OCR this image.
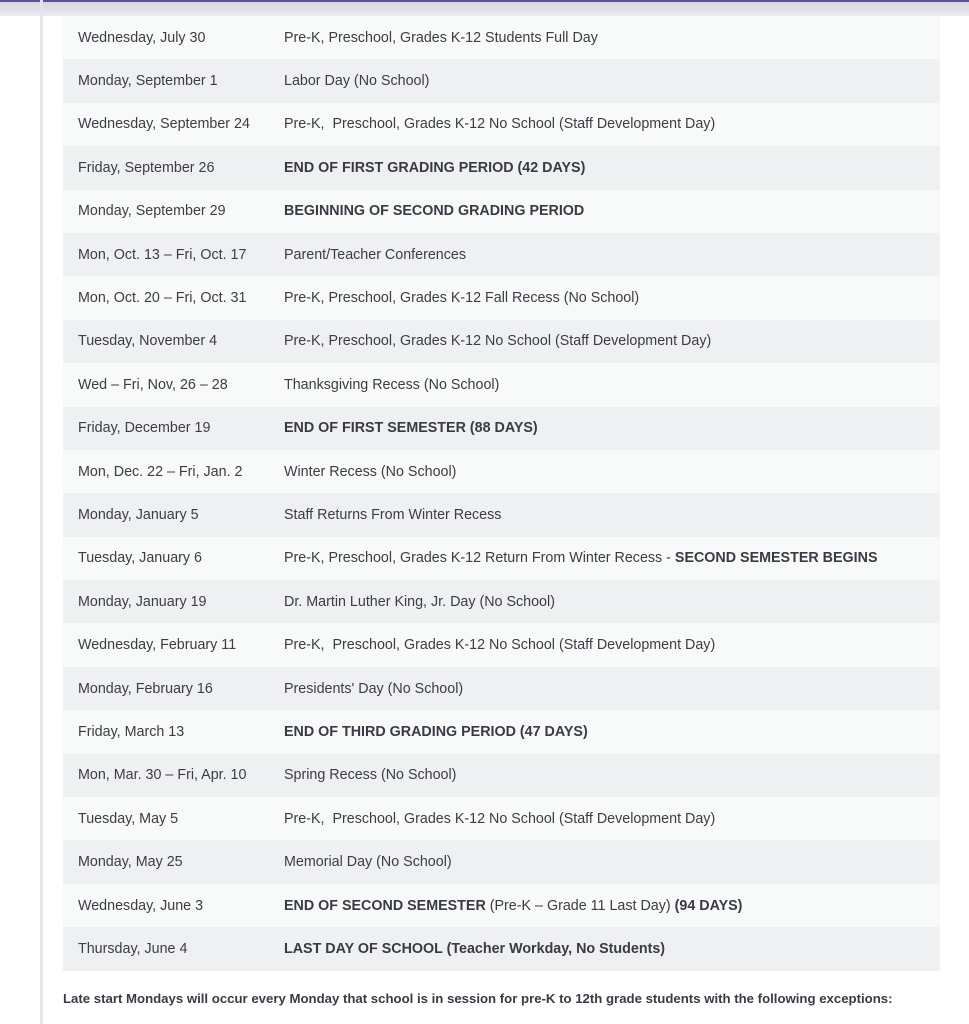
Wednesday, July 30	Pre-K, Preschool, Grades K-12 Students Full Day
Monday, September 1	Labor Day (No School)
Wednesday, September 24	Pre-K,  Preschool, Grades K-12 No School (Staff Development Day)
Friday, September 26	END OF FIRST GRADING PERIOD (42 DAYS)
Monday, September 29	BEGINNING OF SECOND GRADING PERIOD
Mon, Oct. 13 – Fri, Oct. 17	Parent/Teacher Conferences
Mon, Oct. 20 – Fri, Oct. 31	Pre-K, Preschool, Grades K-12 Fall Recess (No School)
Tuesday, November 4	Pre-K, Preschool, Grades K-12 No School (Staff Development Day)
Wed – Fri, Nov, 26 – 28	Thanksgiving Recess (No School)
Friday, December 19	END OF FIRST SEMESTER (88 DAYS)
Mon, Dec. 22 – Fri, Jan. 2	Winter Recess (No School)
Monday, January 5	Staff Returns From Winter Recess
Tuesday, January 6	Pre-K, Preschool, Grades K-12 Return From Winter Recess - SECOND SEMESTER BEGINS
Monday, January 19	Dr. Martin Luther King, Jr. Day (No School)
Wednesday, February 11	Pre-K,  Preschool, Grades K-12 No School (Staff Development Day)
Monday, February 16	Presidents' Day (No School)
Friday, March 13	END OF THIRD GRADING PERIOD (47 DAYS)
Mon, Mar. 30 – Fri, Apr. 10	Spring Recess (No School)
Tuesday, May 5	Pre-K,  Preschool, Grades K-12 No School (Staff Development Day)
Monday, May 25	Memorial Day (No School)
Wednesday, June 3	END OF SECOND SEMESTER (Pre-K – Grade 11 Last Day) (94 DAYS)
Thursday, June 4	LAST DAY OF SCHOOL (Teacher Workday, No Students)
Late start Mondays will occur every Monday that school is in session for pre-K to 12th grade students with the following exceptions:
